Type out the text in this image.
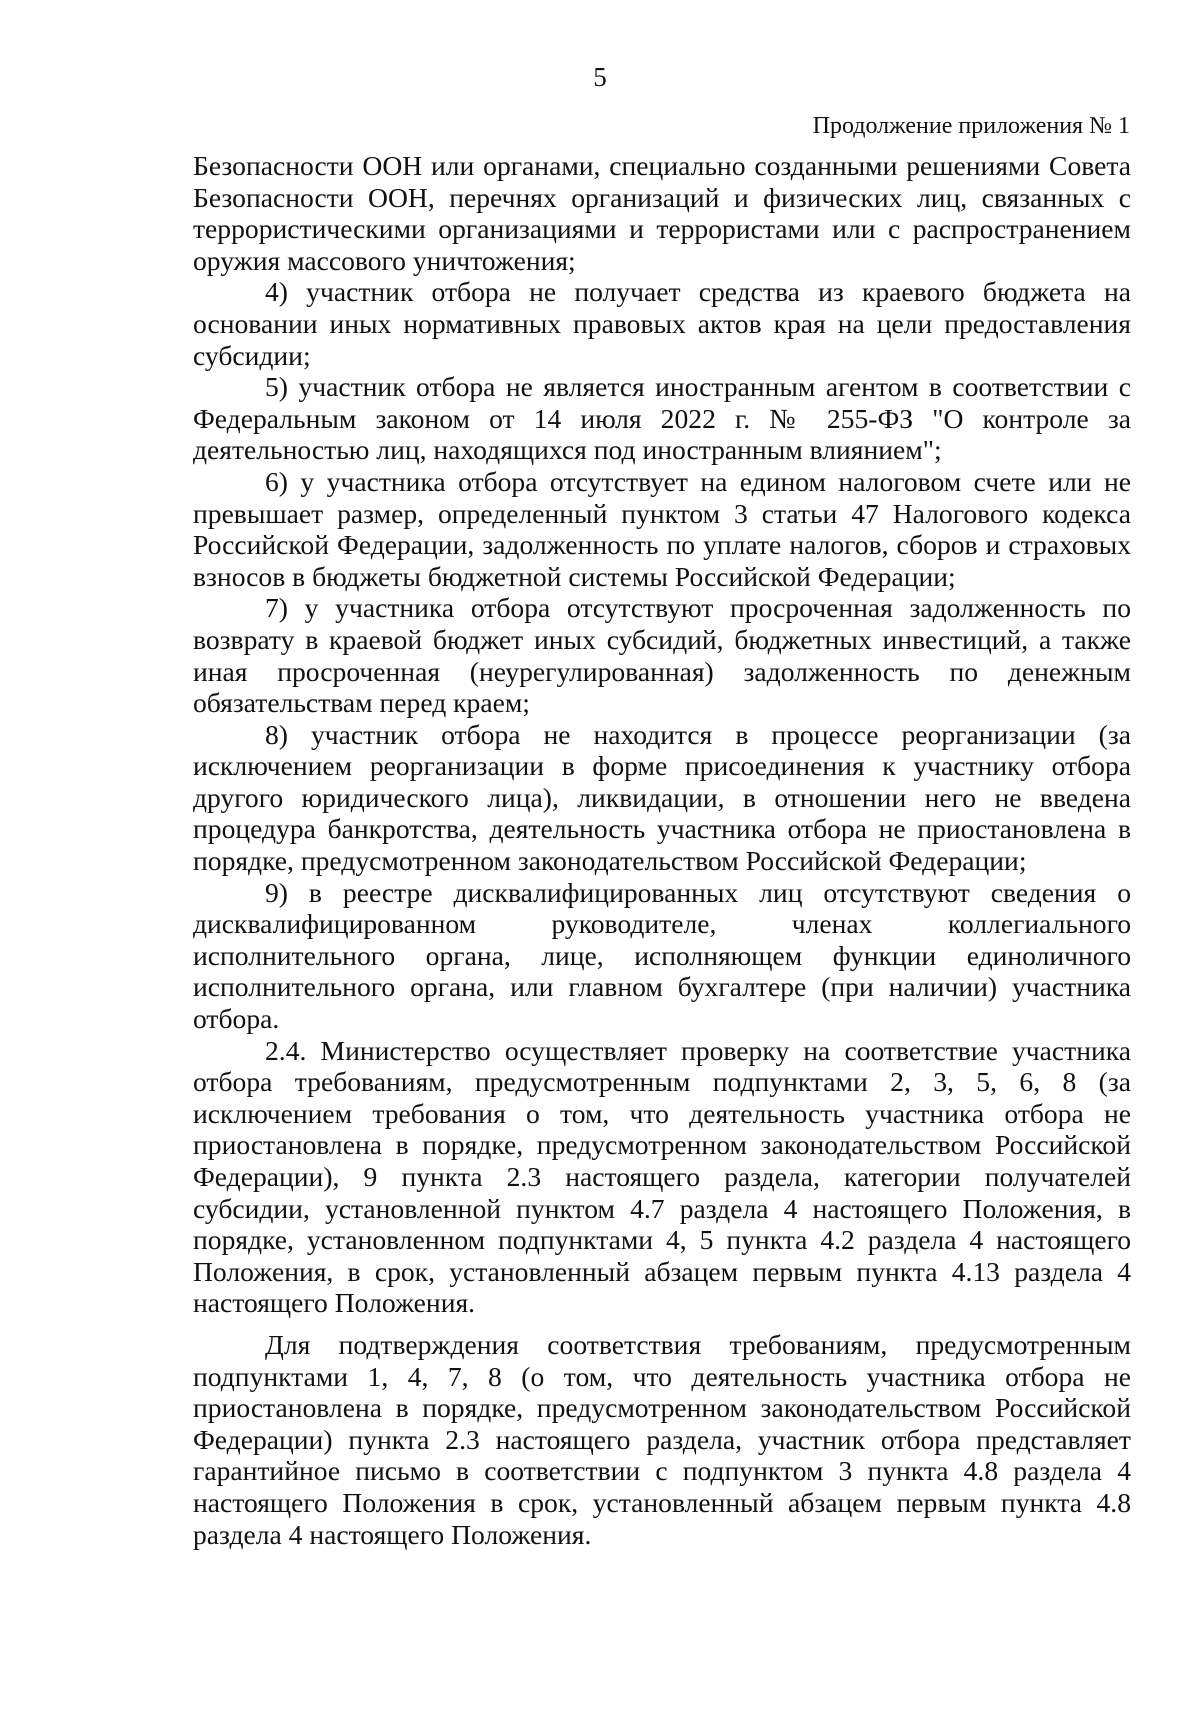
5
Продолжение приложения № 1

Безопасности ООН или органами, специально созданными решениями Совета Безопасности ООН, перечнях организаций и физических лиц, связанных с террористическими организациями и террористами или с распространением оружия массового уничтожения;

4) участник отбора не получает средства из краевого бюджета на основании иных нормативных правовых актов края на цели предоставления субсидии;

5) участник отбора не является иностранным агентом в соответствии с Федеральным законом от 14 июля 2022 г. № 255-ФЗ "О контроле за деятельностью лиц, находящихся под иностранным влиянием";

6) у участника отбора отсутствует на едином налоговом счете или не превышает размер, определенный пунктом 3 статьи 47 Налогового кодекса Российской Федерации, задолженность по уплате налогов, сборов и страховых взносов в бюджеты бюджетной системы Российской Федерации;

7) у участника отбора отсутствуют просроченная задолженность по возврату в краевой бюджет иных субсидий, бюджетных инвестиций, а также иная просроченная (неурегулированная) задолженность по денежным обязательствам перед краем;

8) участник отбора не находится в процессе реорганизации (за исключением реорганизации в форме присоединения к участнику отбора другого юридического лица), ликвидации, в отношении него не введена процедура банкротства, деятельность участника отбора не приостановлена в порядке, предусмотренном законодательством Российской Федерации;

9) в реестре дисквалифицированных лиц отсутствуют сведения о дисквалифицированном руководителе, членах коллегиального исполнительного органа, лице, исполняющем функции единоличного исполнительного органа, или главном бухгалтере (при наличии) участника отбора.

2.4. Министерство осуществляет проверку на соответствие участника отбора требованиям, предусмотренным подпунктами 2, 3, 5, 6, 8 (за исключением требования о том, что деятельность участника отбора не приостановлена в порядке, предусмотренном законодательством Российской Федерации), 9 пункта 2.3 настоящего раздела, категории получателей субсидии, установленной пунктом 4.7 раздела 4 настоящего Положения, в порядке, установленном подпунктами 4, 5 пункта 4.2 раздела 4 настоящего Положения, в срок, установленный абзацем первым пункта 4.13 раздела 4 настоящего Положения.

Для подтверждения соответствия требованиям, предусмотренным подпунктами 1, 4, 7, 8 (о том, что деятельность участника отбора не приостановлена в порядке, предусмотренном законодательством Российской Федерации) пункта 2.3 настоящего раздела, участник отбора представляет гарантийное письмо в соответствии с подпунктом 3 пункта 4.8 раздела 4 настоящего Положения в срок, установленный абзацем первым пункта 4.8 раздела 4 настоящего Положения.
